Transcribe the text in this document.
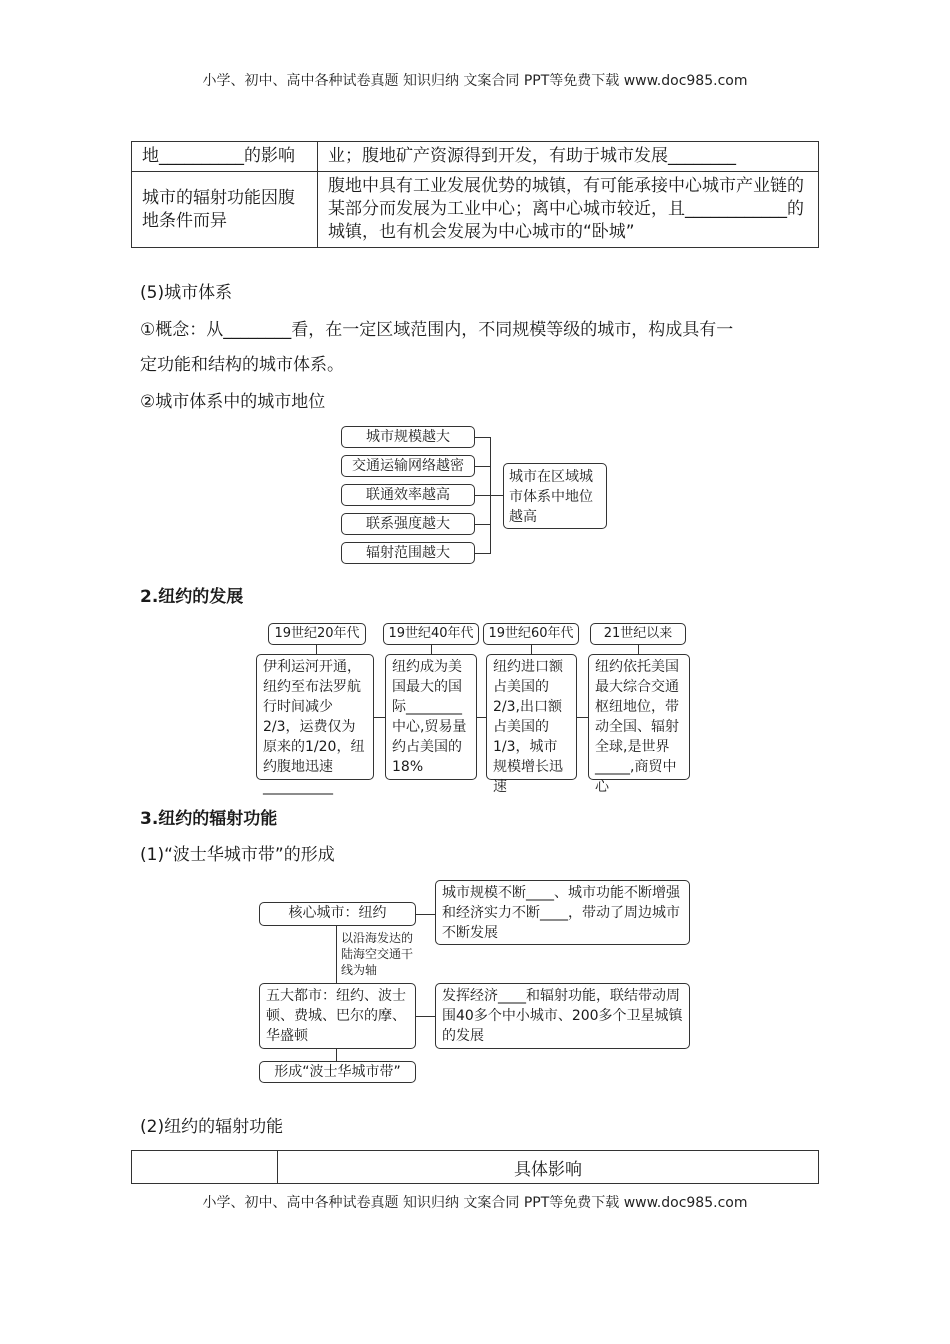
小学、初中、高中各种试卷真题 知识归纳 文案合同 PPT等免费下载 www.doc985.com
地__________的影响	业；腹地矿产资源得到开发，有助于城市发展________
城市的辐射功能因腹地条件而异	腹地中具有工业发展优势的城镇，有可能承接中心城市产业链的某部分而发展为工业中心；离中心城市较近，且____________的城镇，也有机会发展为中心城市的“卧城”
(5)城市体系
①概念：从________看，在一定区域范围内，不同规模等级的城市，构成具有一
定功能和结构的城市体系。
②城市体系中的城市地位
城市规模越大
交通运输网络越密
联通效率越高
联系强度越大
辐射范围越大
城市在区域城市体系中地位越高
2.纽约的发展
19世纪20年代	19世纪40年代	19世纪60年代	21世纪以来
伊利运河开通，纽约至布法罗航行时间减少2/3，运费仅为原来的1/20，纽约腹地迅速__________
纽约成为美国最大的国际________中心,贸易量约占美国的18%
纽约进口额占美国的2/3,出口额占美国的1/3，城市规模增长迅速
纽约依托美国最大综合交通枢纽地位，带动全国、辐射全球,是世界_____,商贸中心
3.纽约的辐射功能
(1)“波士华城市带”的形成
核心城市：纽约
城市规模不断____、城市功能不断增强和经济实力不断____，带动了周边城市不断发展
以沿海发达的陆海空交通干线为轴
五大都市：纽约、波士顿、费城、巴尔的摩、华盛顿
发挥经济____和辐射功能，联结带动周围40多个中小城市、200多个卫星城镇的发展
形成“波士华城市带”
(2)纽约的辐射功能
	具体影响
小学、初中、高中各种试卷真题 知识归纳 文案合同 PPT等免费下载 www.doc985.com
